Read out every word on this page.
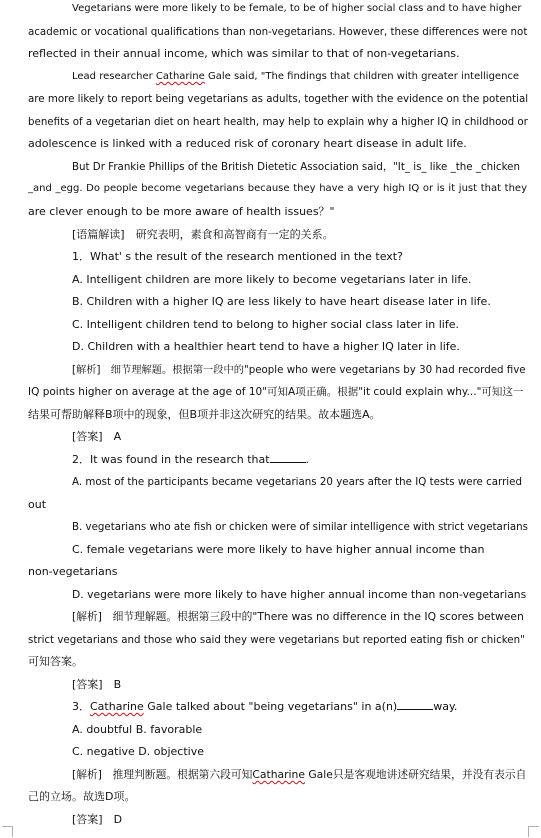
Vegetarians were more likely to be female, to be of higher social class and to have higher
academic or vocational qualifications than non-vegetarians. However, these differences were not
reflected in their annual income, which was similar to that of non-vegetarians.
Lead researcher Catharine Gale said, "The findings that children with greater intelligence
are more likely to report being vegetarians as adults, together with the evidence on the potential
benefits of a vegetarian diet on heart health, may help to explain why a higher IQ in childhood or
adolescence is linked with a reduced risk of coronary heart disease in adult life.
But Dr Frankie Phillips of the British Dietetic Association said，"It_ is_ like _the _chicken
_and _egg. Do people become vegetarians because they have a very high IQ or is it just that they
are clever enough to be more aware of health issues？"
[语篇解读]　研究表明，素食和高智商有一定的关系。
1．What' s the result of the research mentioned in the text?
A. Intelligent children are more likely to become vegetarians later in life.
B. Children with a higher IQ are less likely to have heart disease later in life.
C. Intelligent children tend to belong to higher social class later in life.
D. Children with a healthier heart tend to have a higher IQ later in life.
[解析]　细节理解题。根据第一段中的"people who were vegetarians by 30 had recorded five
IQ points higher on average at the age of 10"可知A项正确。根据"it could explain why..."可知这一
结果可帮助解释B项中的现象，但B项并非这次研究的结果。故本题选A。
[答案]　A
2．It was found in the research that	.
A. most of the participants became vegetarians 20 years after the IQ tests were carried
out
B. vegetarians who ate fish or chicken were of similar intelligence with strict vegetarians
C. female vegetarians were more likely to have higher annual income than
non-vegetarians
D. vegetarians were more likely to have higher annual income than non-vegetarians
[解析]　细节理解题。根据第三段中的"There was no difference in the IQ scores between
strict vegetarians and those who said they were vegetarians but reported eating fish or chicken"
可知答案。
[答案]　B
3．Catharine Gale talked about "being vegetarians" in a(n)	way.
A. doubtful B. favorable
C. negative D. objective
[解析]　推理判断题。根据第六段可知Catharine Gale只是客观地讲述研究结果，并没有表示自
己的立场。故选D项。
[答案]　D
